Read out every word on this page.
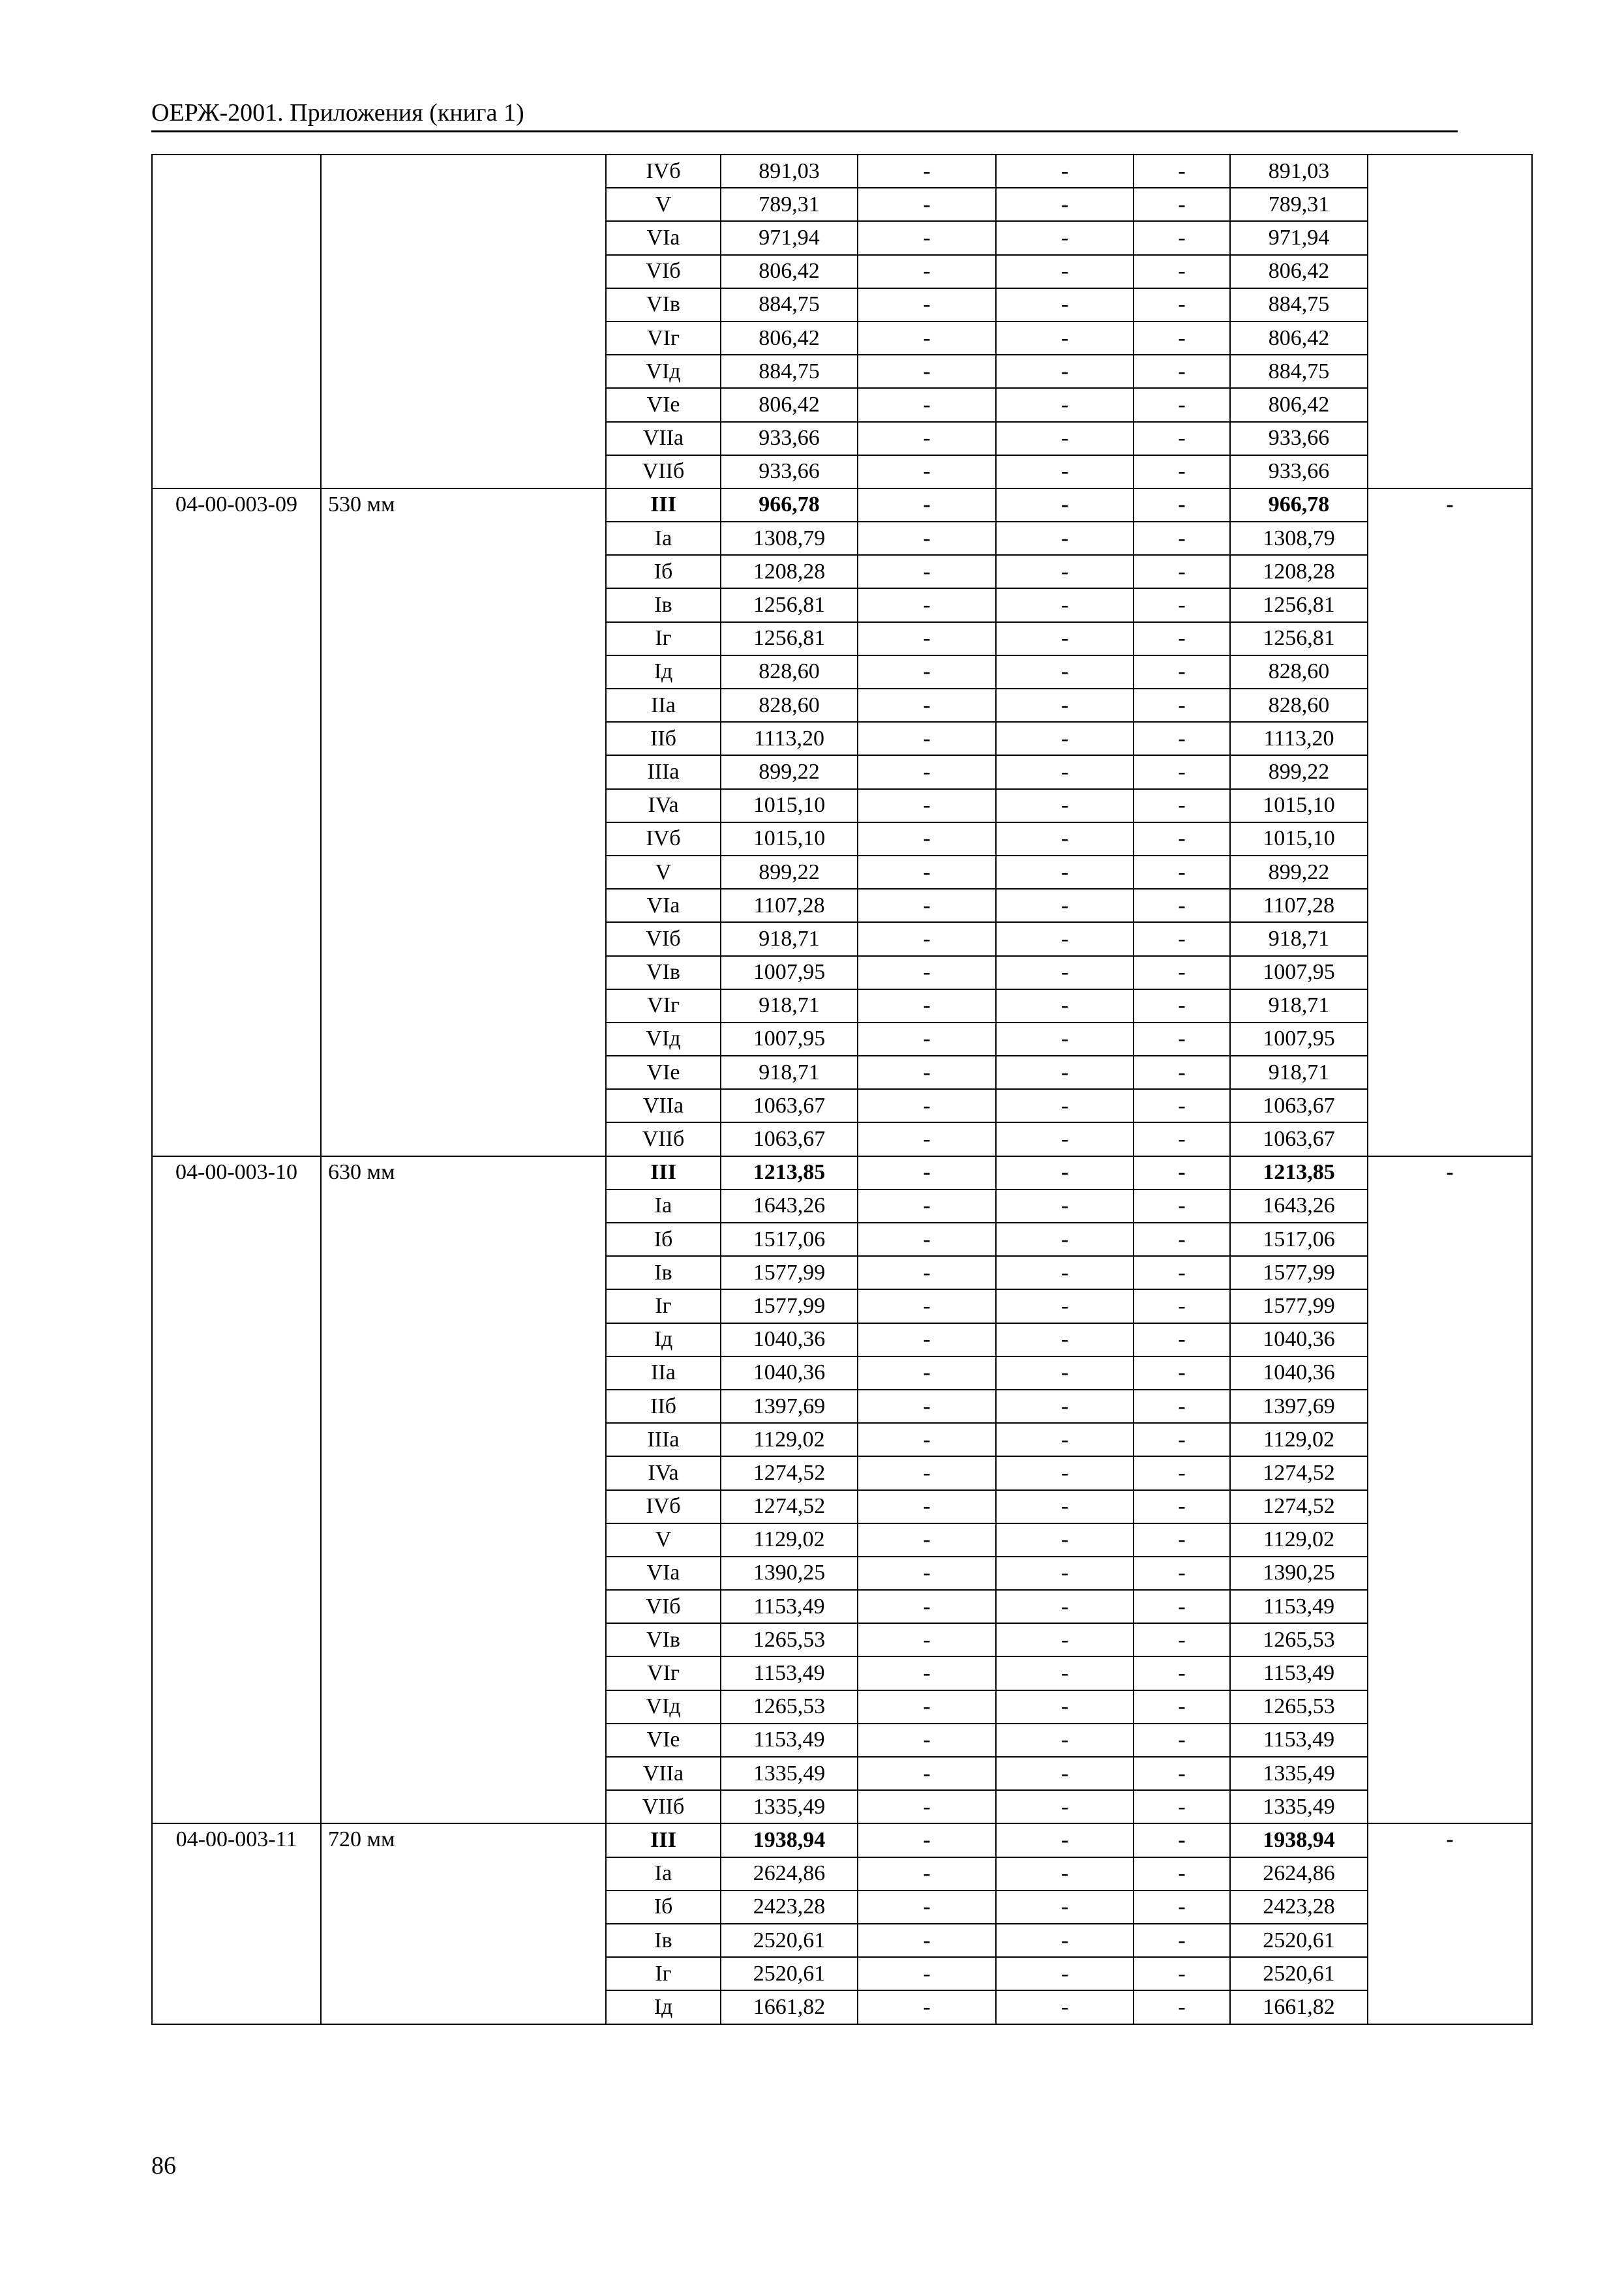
ОЕРЖ-2001. Приложения (книга 1)
		IVб	891,03	-	-	-	891,03	
		V	789,31	-	-	-	789,31	
		VIa	971,94	-	-	-	971,94	
		VIб	806,42	-	-	-	806,42	
		VIв	884,75	-	-	-	884,75	
		VIг	806,42	-	-	-	806,42	
		VIд	884,75	-	-	-	884,75	
		VIe	806,42	-	-	-	806,42	
		VIIa	933,66	-	-	-	933,66	
		VIIб	933,66	-	-	-	933,66	
04-00-003-09	530 мм	III	966,78	-	-	-	966,78	-
		Ia	1308,79	-	-	-	1308,79	
		Iб	1208,28	-	-	-	1208,28	
		Iв	1256,81	-	-	-	1256,81	
		Iг	1256,81	-	-	-	1256,81	
		Iд	828,60	-	-	-	828,60	
		IIa	828,60	-	-	-	828,60	
		IIб	1113,20	-	-	-	1113,20	
		IIIa	899,22	-	-	-	899,22	
		IVa	1015,10	-	-	-	1015,10	
		IVб	1015,10	-	-	-	1015,10	
		V	899,22	-	-	-	899,22	
		VIa	1107,28	-	-	-	1107,28	
		VIб	918,71	-	-	-	918,71	
		VIв	1007,95	-	-	-	1007,95	
		VIг	918,71	-	-	-	918,71	
		VIд	1007,95	-	-	-	1007,95	
		VIe	918,71	-	-	-	918,71	
		VIIa	1063,67	-	-	-	1063,67	
		VIIб	1063,67	-	-	-	1063,67	
04-00-003-10	630 мм	III	1213,85	-	-	-	1213,85	-
		Ia	1643,26	-	-	-	1643,26	
		Iб	1517,06	-	-	-	1517,06	
		Iв	1577,99	-	-	-	1577,99	
		Iг	1577,99	-	-	-	1577,99	
		Iд	1040,36	-	-	-	1040,36	
		IIa	1040,36	-	-	-	1040,36	
		IIб	1397,69	-	-	-	1397,69	
		IIIa	1129,02	-	-	-	1129,02	
		IVa	1274,52	-	-	-	1274,52	
		IVб	1274,52	-	-	-	1274,52	
		V	1129,02	-	-	-	1129,02	
		VIa	1390,25	-	-	-	1390,25	
		VIб	1153,49	-	-	-	1153,49	
		VIв	1265,53	-	-	-	1265,53	
		VIг	1153,49	-	-	-	1153,49	
		VIд	1265,53	-	-	-	1265,53	
		VIe	1153,49	-	-	-	1153,49	
		VIIa	1335,49	-	-	-	1335,49	
		VIIб	1335,49	-	-	-	1335,49	
04-00-003-11	720 мм	III	1938,94	-	-	-	1938,94	-
		Ia	2624,86	-	-	-	2624,86	
		Iб	2423,28	-	-	-	2423,28	
		Iв	2520,61	-	-	-	2520,61	
		Iг	2520,61	-	-	-	2520,61	
		Iд	1661,82	-	-	-	1661,82	
86
